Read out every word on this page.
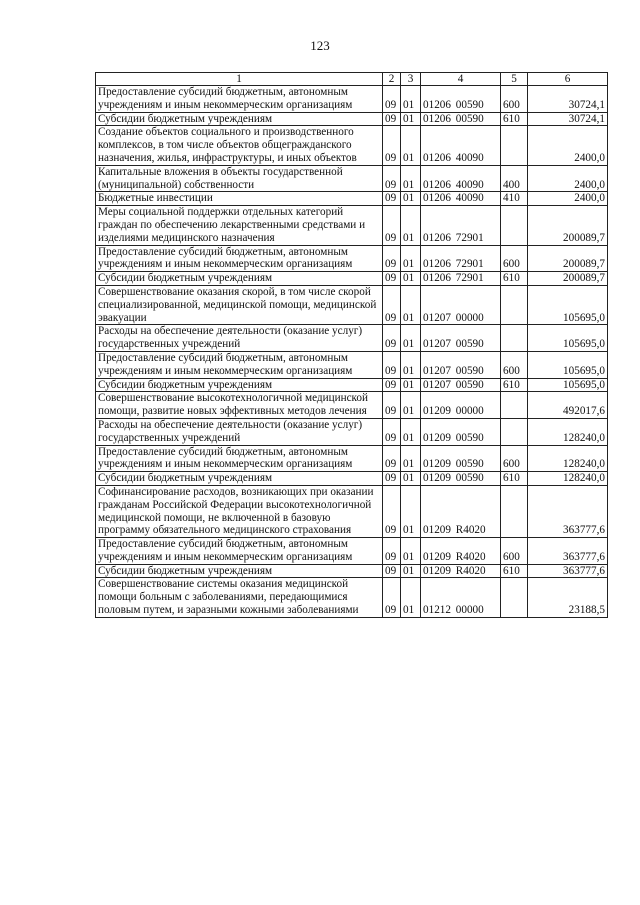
123
1	2	3	4	5	6
Предоставление субсидий бюджетным, автономным учреждениям и иным некоммерческим организациям	09	01	01206 00590	600	30724,1
Субсидии бюджетным учреждениям	09	01	01206 00590	610	30724,1
Создание объектов социального и производственного комплексов, в том числе объектов общегражданского назначения, жилья, инфраструктуры, и иных объектов	09	01	01206 40090		2400,0
Капитальные вложения в объекты государственной (муниципальной) собственности	09	01	01206 40090	400	2400,0
Бюджетные инвестиции	09	01	01206 40090	410	2400,0
Меры социальной поддержки отдельных категорий граждан по обеспечению лекарственными средствами и изделиями медицинского назначения	09	01	01206 72901		200089,7
Предоставление субсидий бюджетным, автономным учреждениям и иным некоммерческим организациям	09	01	01206 72901	600	200089,7
Субсидии бюджетным учреждениям	09	01	01206 72901	610	200089,7
Совершенствование оказания скорой, в том числе скорой специализированной, медицинской помощи, медицинской эвакуации	09	01	01207 00000		105695,0
Расходы на обеспечение деятельности (оказание услуг) государственных учреждений	09	01	01207 00590		105695,0
Предоставление субсидий бюджетным, автономным учреждениям и иным некоммерческим организациям	09	01	01207 00590	600	105695,0
Субсидии бюджетным учреждениям	09	01	01207 00590	610	105695,0
Совершенствование высокотехнологичной медицинской помощи, развитие новых эффективных методов лечения	09	01	01209 00000		492017,6
Расходы на обеспечение деятельности (оказание услуг) государственных учреждений	09	01	01209 00590		128240,0
Предоставление субсидий бюджетным, автономным учреждениям и иным некоммерческим организациям	09	01	01209 00590	600	128240,0
Субсидии бюджетным учреждениям	09	01	01209 00590	610	128240,0
Софинансирование расходов, возникающих при оказании гражданам Российской Федерации высокотехнологичной медицинской помощи, не включенной в базовую программу обязательного медицинского страхования	09	01	01209 R4020		363777,6
Предоставление субсидий бюджетным, автономным учреждениям и иным некоммерческим организациям	09	01	01209 R4020	600	363777,6
Субсидии бюджетным учреждениям	09	01	01209 R4020	610	363777,6
Совершенствование системы оказания медицинской помощи больным с заболеваниями, передающимися половым путем, и заразными кожными заболеваниями	09	01	01212 00000		23188,5
